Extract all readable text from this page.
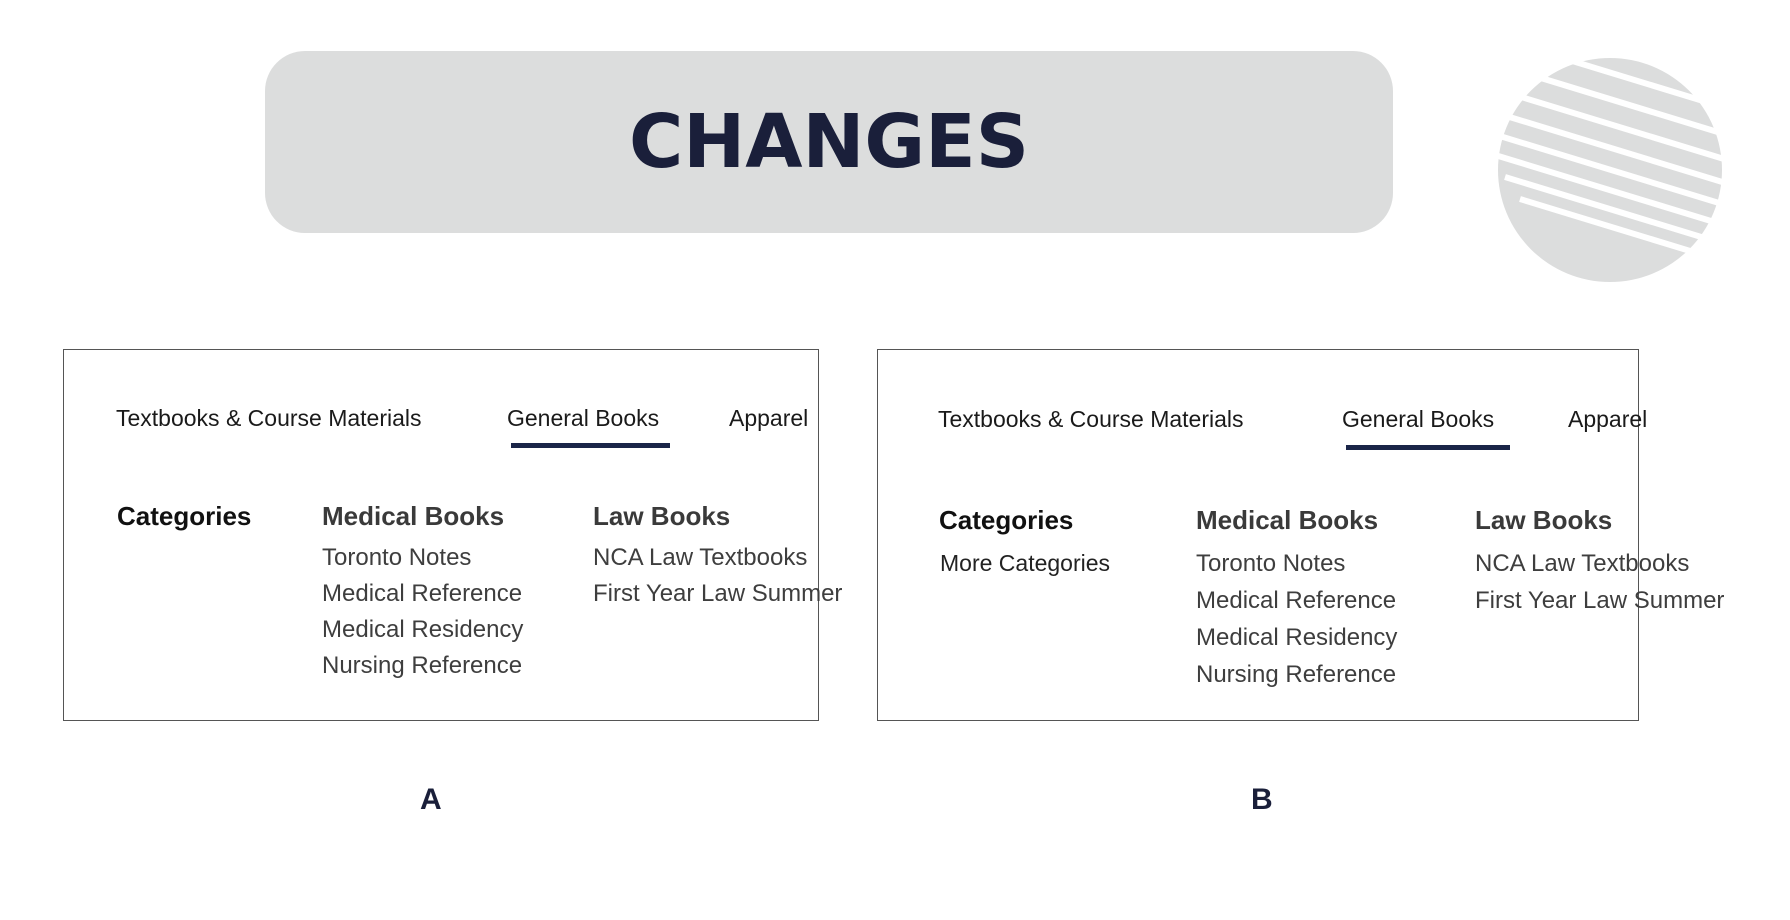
CHANGES
Textbooks & Course Materials	General Books	Apparel
Categories	Medical Books
Toronto Notes
Medical Reference
Medical Residency
Nursing Reference
Law Books
NCA Law Textbooks
First Year Law Summer
Textbooks & Course Materials	General Books	Apparel
Categories
More Categories
Medical Books
Toronto Notes
Medical Reference
Medical Residency
Nursing Reference
Law Books
NCA Law Textbooks
First Year Law Summer
A	B
